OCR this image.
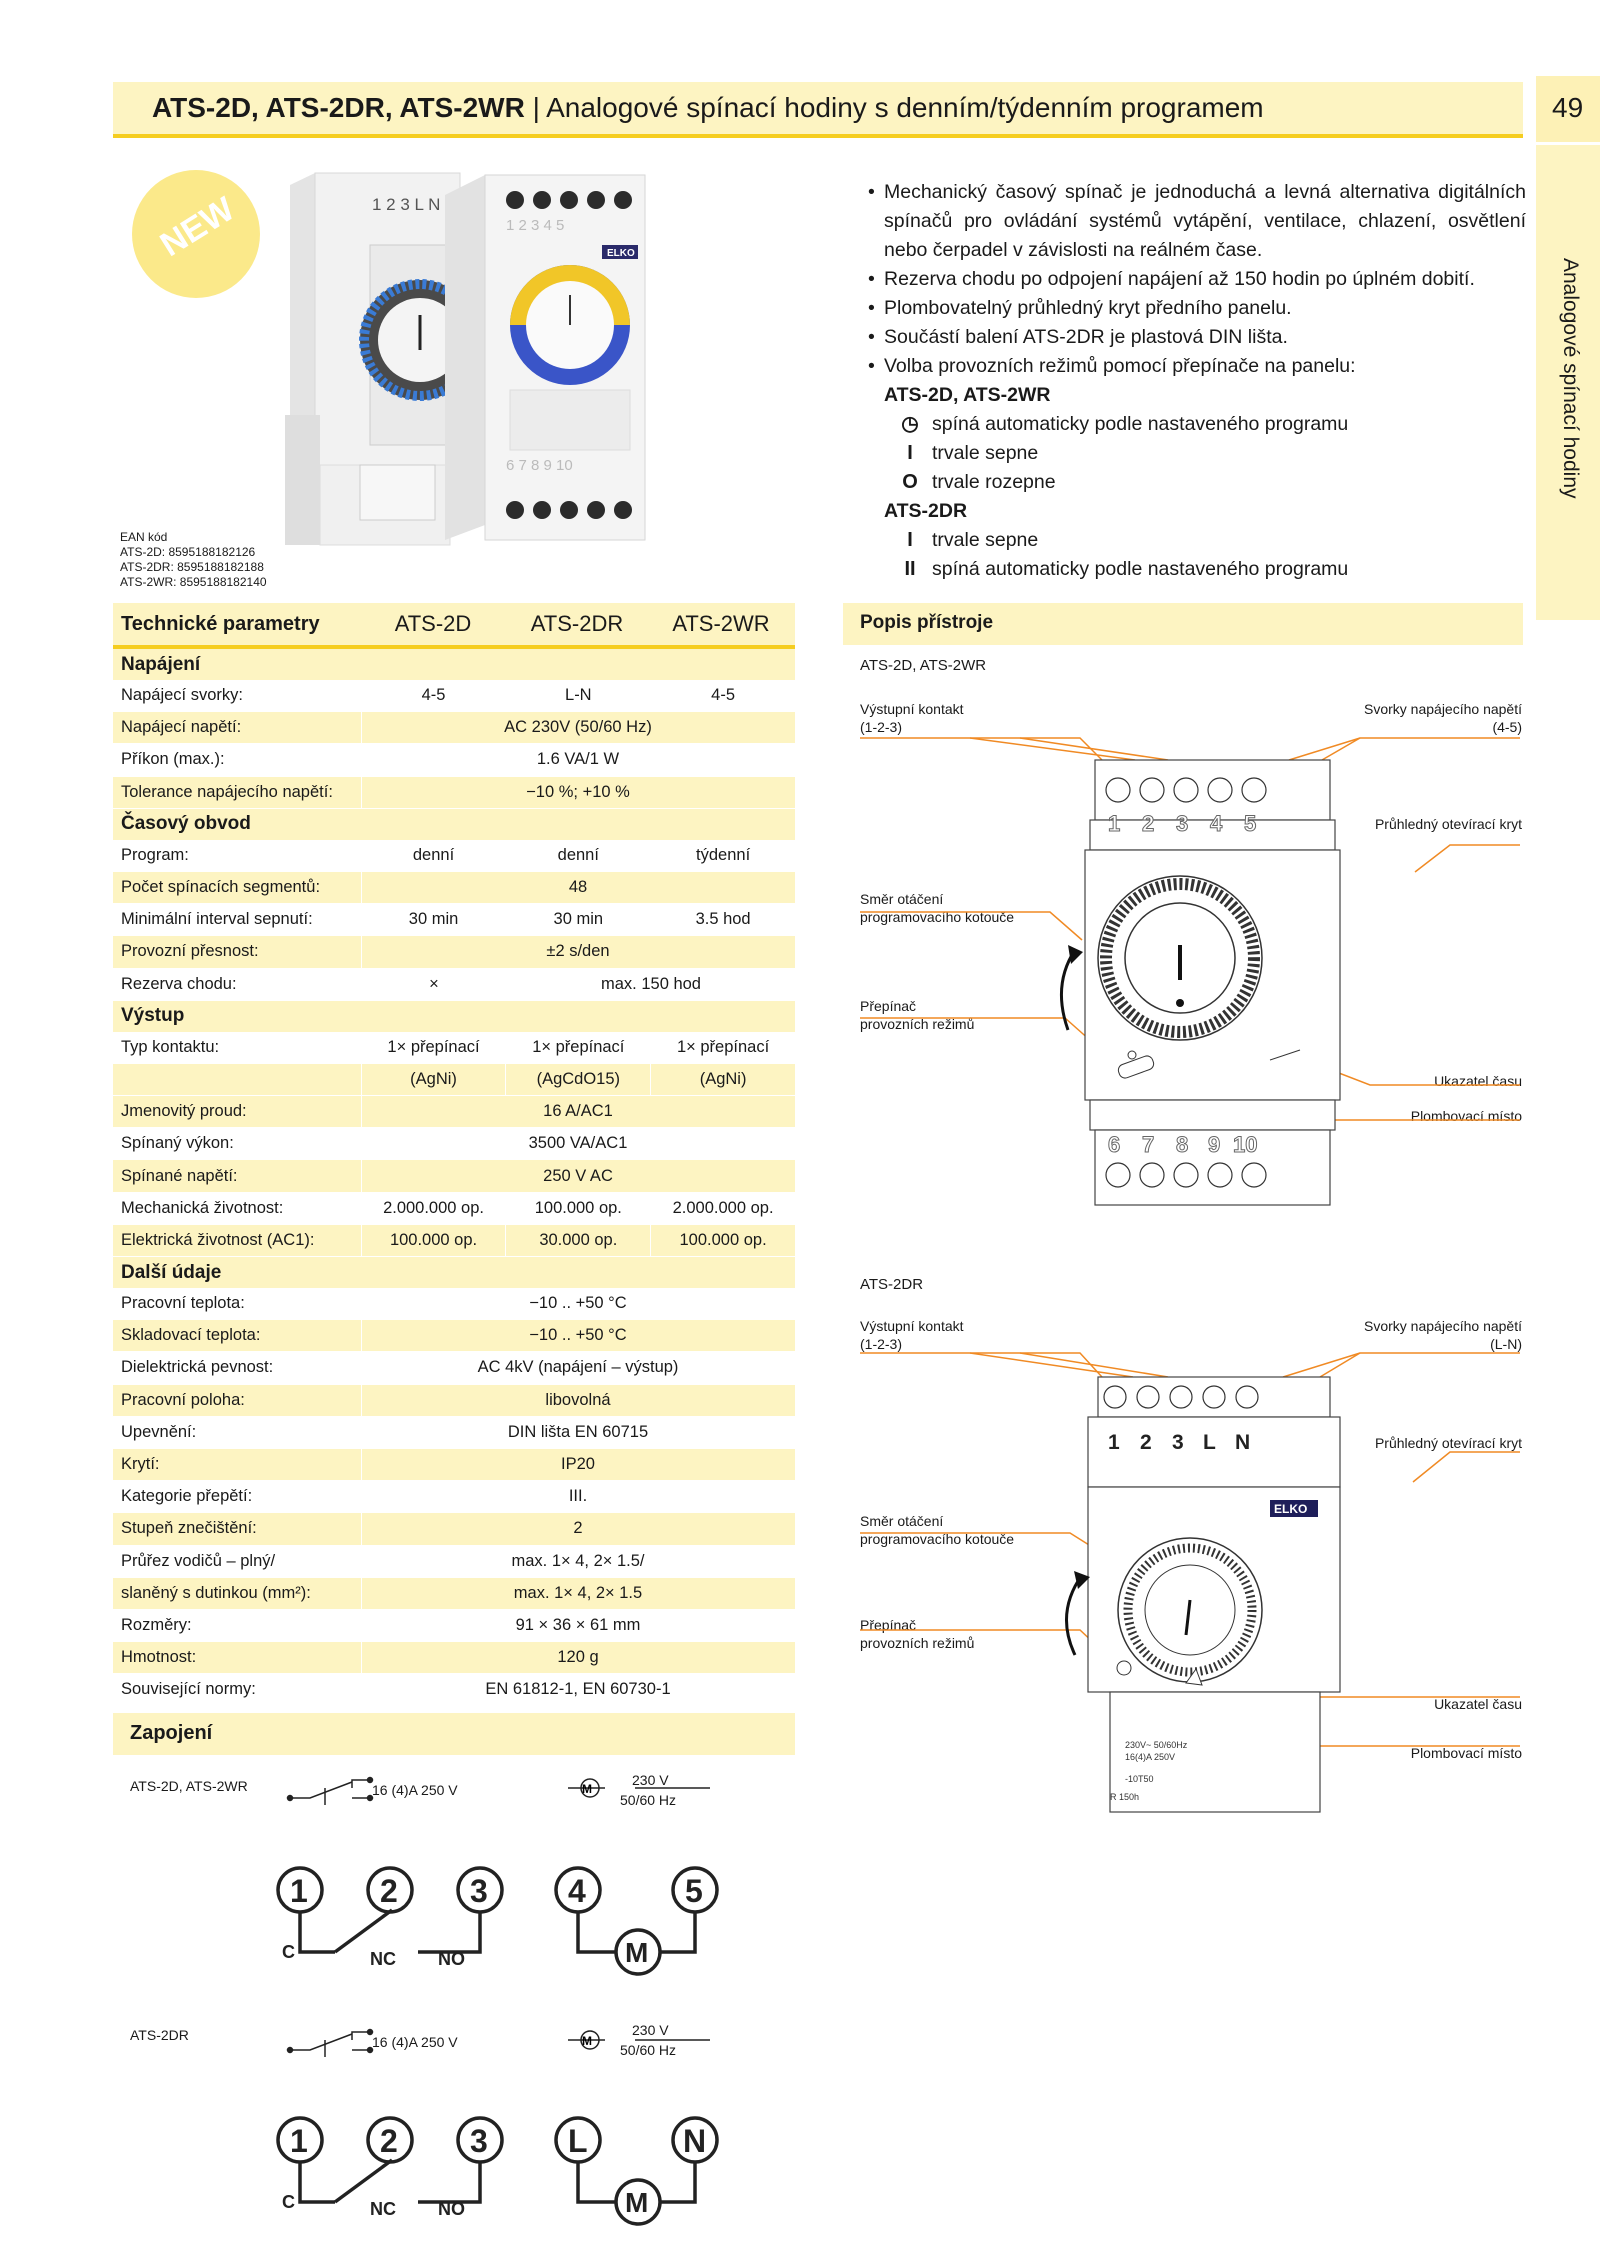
ATS-2D, ATS-2DR, ATS-2WR | Analogové spínací hodiny s denním/týdenním programem	49
Analogové spínací hodiny
NEW	1 2 3 L N
1 2 3 4 5
6 7 8 9 10
ELKO
EAN kód
ATS-2D: 8595188182126
ATS-2DR: 8595188182188
ATS-2WR: 8595188182140
• Mechanický časový spínač je jednoduchá a levná alternativa digitálních spínačů pro ovládání systémů vytápění, ventilace, chlazení, osvětlení nebo čerpadel v závislosti na reálném čase.
• Rezerva chodu po odpojení napájení až 150 hodin po úplném dobití.
• Plombovatelný průhledný kryt předního panelu.
• Součástí balení ATS-2DR je plastová DIN lišta.
• Volba provozních režimů pomocí přepínače na panelu:
ATS-2D, ATS-2WR
◷ spíná automaticky podle nastaveného programu
I trvale sepne
O trvale rozepne
ATS-2DR
I trvale sepne
II spíná automaticky podle nastaveného programu
Technické parametry	ATS-2D	ATS-2DR	ATS-2WR
Napájení
Napájecí svorky:	4-5	L-N	4-5
Napájecí napětí:	AC 230V (50/60 Hz)
Příkon (max.):	1.6 VA/1 W
Tolerance napájecího napětí:	−10 %; +10 %
Časový obvod
Program:	denní	denní	týdenní
Počet spínacích segmentů:	48
Minimální interval sepnutí:	30 min	30 min	3.5 hod
Provozní přesnost:	±2 s/den
Rezerva chodu:	×	max. 150 hod
Výstup
Typ kontaktu:	1× přepínací	1× přepínací	1× přepínací
(AgNi)	(AgCdO15)	(AgNi)
Jmenovitý proud:	16 A/AC1
Spínaný výkon:	3500 VA/AC1
Spínané napětí:	250 V AC
Mechanická životnost:	2.000.000 op.	100.000 op.	2.000.000 op.
Elektrická životnost (AC1):	100.000 op.	30.000 op.	100.000 op.
Další údaje
Pracovní teplota:	−10 .. +50 °C
Skladovací teplota:	−10 .. +50 °C
Dielektrická pevnost:	AC 4kV (napájení – výstup)
Pracovní poloha:	libovolná
Upevnění:	DIN lišta EN 60715
Krytí:	IP20
Kategorie přepětí:	III.
Stupeň znečištění:	2
Průřez vodičů – plný/	max. 1× 4, 2× 1.5/
slaněný s dutinkou (mm²):	max. 1× 4, 2× 1.5
Rozměry:	91 × 36 × 61 mm
Hmotnost:	120 g
Související normy:	EN 61812-1, EN 60730-1
Popis přístroje
ATS-2D, ATS-2WR
Výstupní kontakt
(1-2-3)
Svorky napájecího napětí
(4-5)
Průhledný otevírací kryt
Směr otáčení
programovacího kotouče
Přepínač
provozních režimů
Ukazatel času
Plombovací místo
1 2 3 4 5
6 7 8 9 10
ATS-2DR
Výstupní kontakt
(1-2-3)
Svorky napájecího napětí
(L-N)
Průhledný otevírací kryt
Směr otáčení
programovacího kotouče
Přepínač
provozních režimů
Ukazatel času
Plombovací místo
1 2 3 L N
ELKO
230V~ 50/60Hz
16(4)A 250V
-10T50
R 150h
Zapojení
ATS-2D, ATS-2WR	16 (4)A 250 V
230 V
50/60 Hz
M
1 2 3	4	5
M
C	NC NO
ATS-2DR	16 (4)A 250 V
230 V
50/60 Hz
M
1 2 3	L	N
M
C	NC NO
